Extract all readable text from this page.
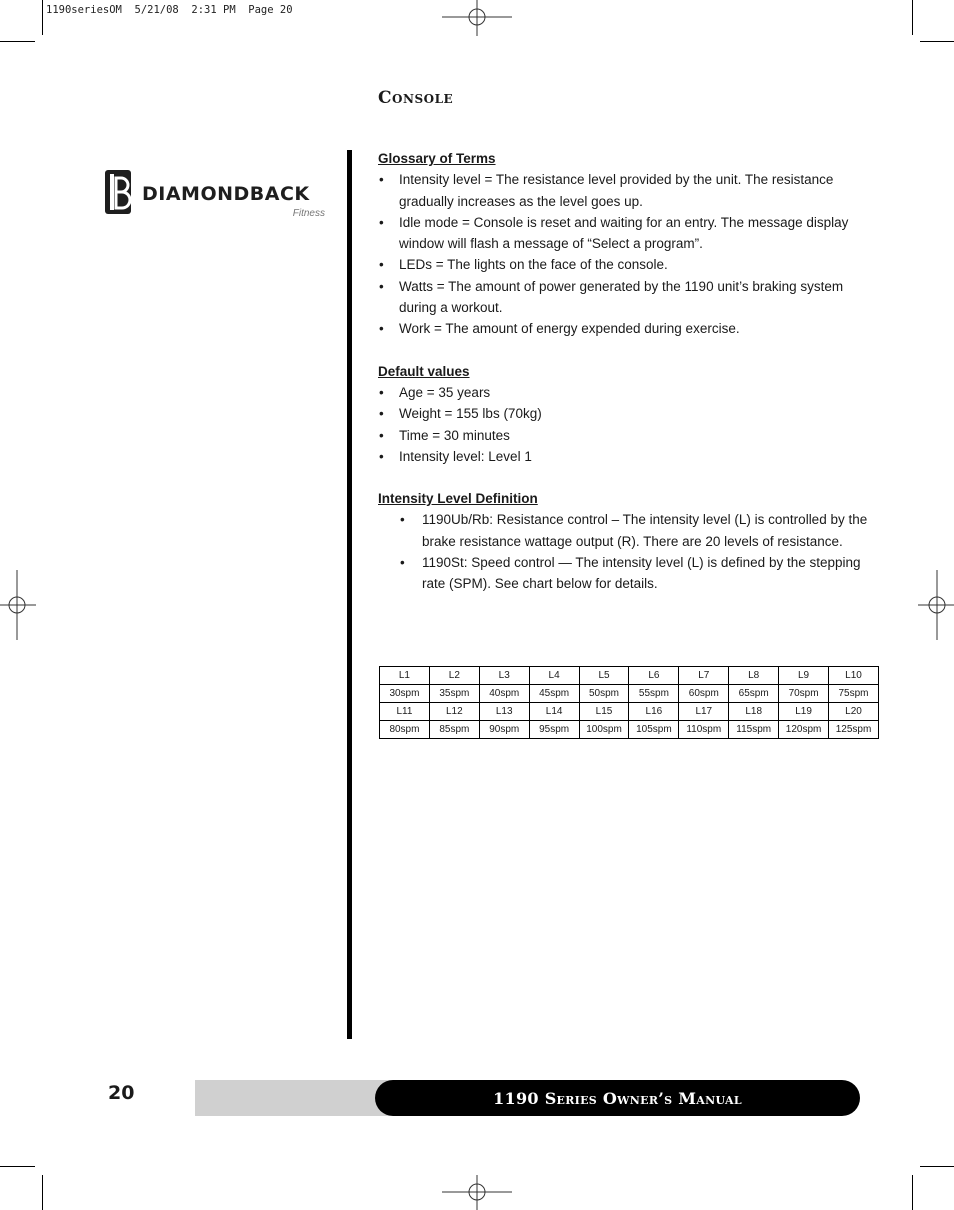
1190seriesOM  5/21/08  2:31 PM  Page 20
Console
DIAMONDBACK
Fitness
Glossary of Terms
• Intensity level = The resistance level provided by the unit. The resistance gradually increases as the level goes up.
• Idle mode = Console is reset and waiting for an entry. The message display window will flash a message of “Select a program”.
• LEDs = The lights on the face of the console.
• Watts = The amount of power generated by the 1190 unit’s braking system during a workout.
• Work = The amount of energy expended during exercise.
Default values
• Age = 35 years
• Weight = 155 lbs (70kg)
• Time = 30 minutes
• Intensity level: Level 1
Intensity Level Definition
• 1190Ub/Rb: Resistance control – The intensity level (L) is controlled by the brake resistance wattage output (R). There are 20 levels of resistance.
• 1190St: Speed control — The intensity level (L) is defined by the stepping rate (SPM). See chart below for details.
L1	L2	L3	L4	L5	L6	L7	L8	L9	L10
30spm	35spm	40spm	45spm	50spm	55spm	60spm	65spm	70spm	75spm
L11	L12	L13	L14	L15	L16	L17	L18	L19	L20
80spm	85spm	90spm	95spm	100spm	105spm	110spm	115spm	120spm	125spm
20	1190 Series Owner’s Manual
